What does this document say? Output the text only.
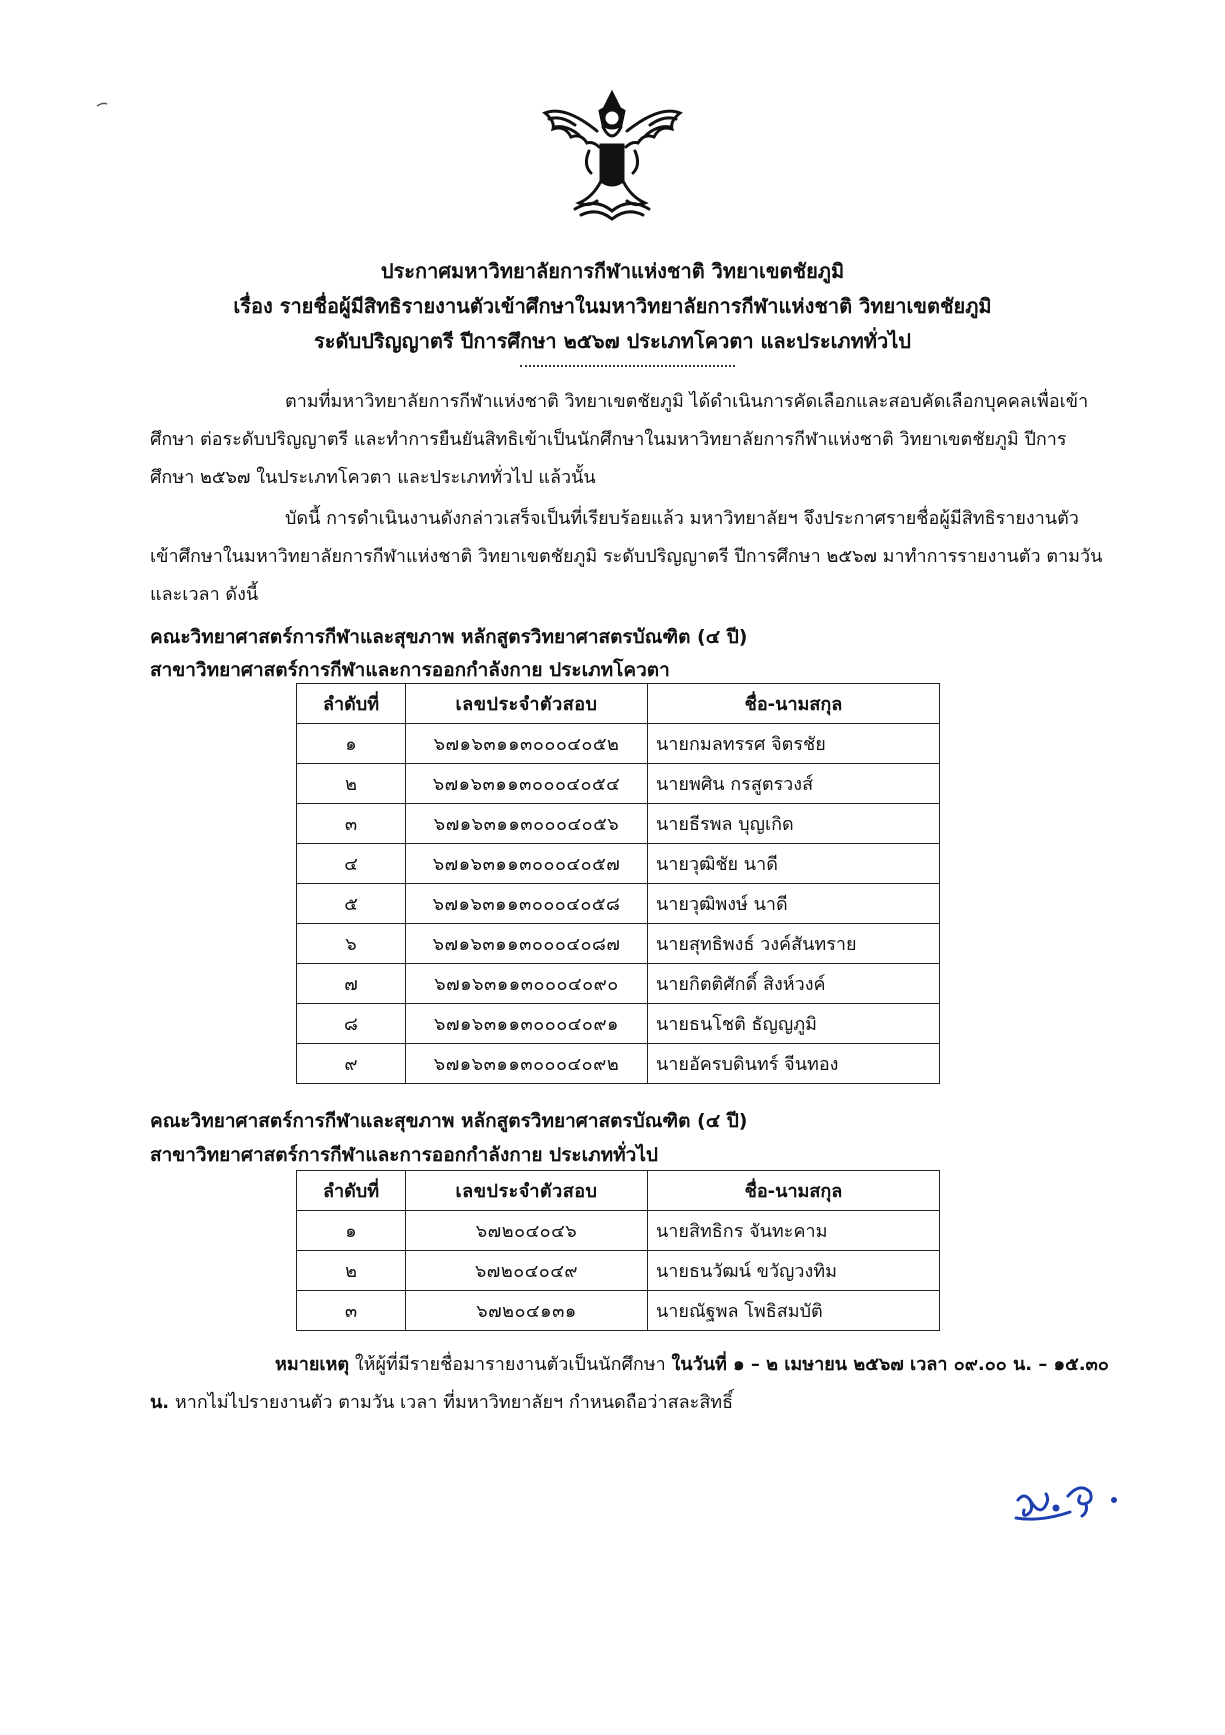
ประกาศมหาวิทยาลัยการกีฬาแห่งชาติ วิทยาเขตชัยภูมิ
เรื่อง รายชื่อผู้มีสิทธิรายงานตัวเข้าศึกษาในมหาวิทยาลัยการกีฬาแห่งชาติ วิทยาเขตชัยภูมิ
ระดับปริญญาตรี ปีการศึกษา ๒๕๖๗ ประเภทโควตา และประเภททั่วไป
ตามที่มหาวิทยาลัยการกีฬาแห่งชาติ วิทยาเขตชัยภูมิ ได้ดำเนินการคัดเลือกและสอบคัดเลือกบุคคลเพื่อเข้าศึกษา ต่อระดับปริญญาตรี และทำการยืนยันสิทธิเข้าเป็นนักศึกษาในมหาวิทยาลัยการกีฬาแห่งชาติ วิทยาเขตชัยภูมิ ปีการศึกษา ๒๕๖๗ ในประเภทโควตา และประเภททั่วไป แล้วนั้น
บัดนี้ การดำเนินงานดังกล่าวเสร็จเป็นที่เรียบร้อยแล้ว มหาวิทยาลัยฯ จึงประกาศรายชื่อผู้มีสิทธิรายงานตัวเข้าศึกษาในมหาวิทยาลัยการกีฬาแห่งชาติ วิทยาเขตชัยภูมิ ระดับปริญญาตรี ปีการศึกษา ๒๕๖๗ มาทำการรายงานตัว ตามวันและเวลา ดังนี้
คณะวิทยาศาสตร์การกีฬาและสุขภาพ หลักสูตรวิทยาศาสตรบัณฑิต (๔ ปี)
สาขาวิทยาศาสตร์การกีฬาและการออกกำลังกาย ประเภทโควตา
ลำดับที่	เลขประจำตัวสอบ	ชื่อ-นามสกุล
๑	๖๗๑๖๓๑๑๓๐๐๐๔๐๕๒	นายกมลทรรศ จิตรชัย
๒	๖๗๑๖๓๑๑๓๐๐๐๔๐๕๔	นายพศิน กรสูตรวงส์
๓	๖๗๑๖๓๑๑๓๐๐๐๔๐๕๖	นายธีรพล บุญเกิด
๔	๖๗๑๖๓๑๑๓๐๐๐๔๐๕๗	นายวุฒิชัย นาดี
๕	๖๗๑๖๓๑๑๓๐๐๐๔๐๕๘	นายวุฒิพงษ์ นาดี
๖	๖๗๑๖๓๑๑๓๐๐๐๔๐๘๗	นายสุทธิพงธ์ วงค์สันทราย
๗	๖๗๑๖๓๑๑๓๐๐๐๔๐๙๐	นายกิตติศักดิ์ สิงห์วงค์
๘	๖๗๑๖๓๑๑๓๐๐๐๔๐๙๑	นายธนโชติ ธัญญภูมิ
๙	๖๗๑๖๓๑๑๓๐๐๐๔๐๙๒	นายอัครบดินทร์ จีนทอง
คณะวิทยาศาสตร์การกีฬาและสุขภาพ หลักสูตรวิทยาศาสตรบัณฑิต (๔ ปี)
สาขาวิทยาศาสตร์การกีฬาและการออกกำลังกาย ประเภททั่วไป
ลำดับที่	เลขประจำตัวสอบ	ชื่อ-นามสกุล
๑	๖๗๒๐๔๐๔๖	นายสิทธิกร จันทะคาม
๒	๖๗๒๐๔๐๔๙	นายธนวัฒน์ ขวัญวงทิม
๓	๖๗๒๐๔๑๓๑	นายณัฐพล โพธิสมบัติ
หมายเหตุ ให้ผู้ที่มีรายชื่อมารายงานตัวเป็นนักศึกษา ในวันที่ ๑ – ๒ เมษายน ๒๕๖๗ เวลา ๐๙.๐๐ น. – ๑๕.๓๐ น. หากไม่ไปรายงานตัว ตามวัน เวลา ที่มหาวิทยาลัยฯ กำหนดถือว่าสละสิทธิ์
